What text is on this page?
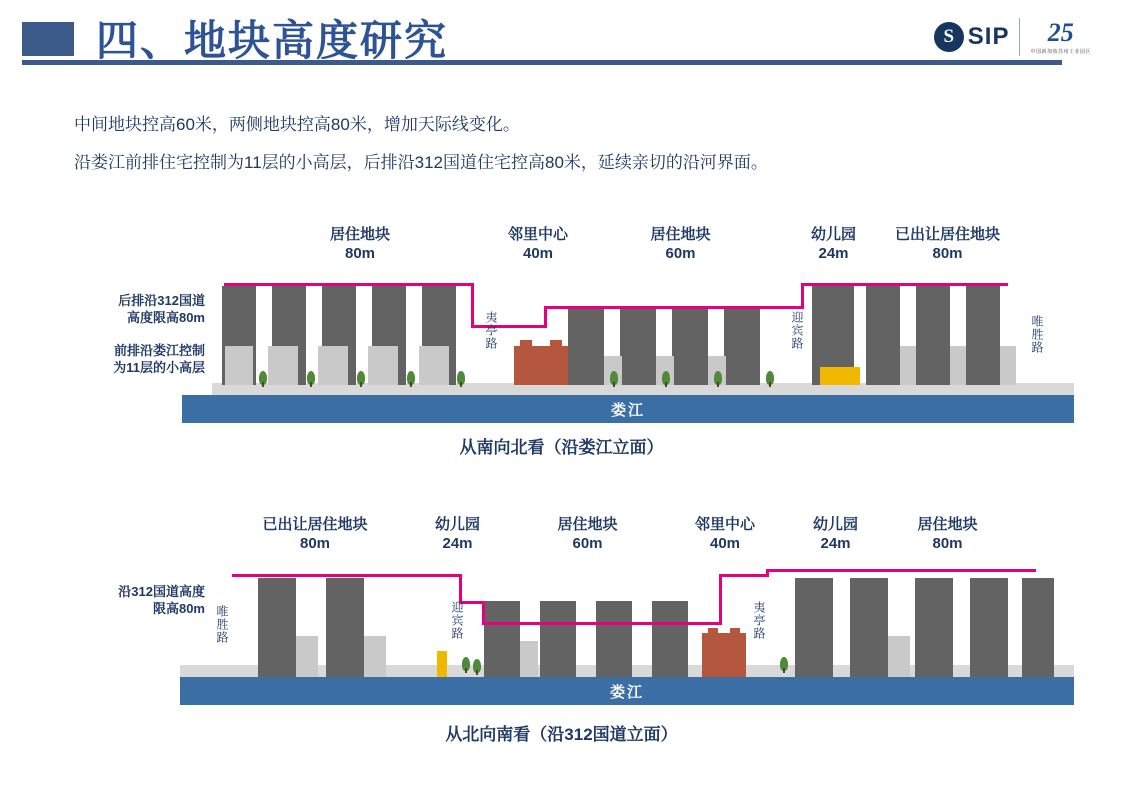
四、地块高度研究	S SIP	25
中国新加坡苏州工业园区
中间地块控高60米，两侧地块控高80米，增加天际线变化。
沿娄江前排住宅控制为11层的小高层，后排沿312国道住宅控高80米，延续亲切的沿河界面。
居住地块
80m
邻里中心
40m
居住地块
60m
幼儿园
24m
已出让居住地块
80m
后排沿312国道
高度限高80m
前排沿娄江控制
为11层的小高层
夷亭路	迎宾路	唯胜路
娄江
从南向北看（沿娄江立面）
已出让居住地块
80m
幼儿园
24m
居住地块
60m
邻里中心
40m
幼儿园
24m
居住地块
80m
沿312国道高度
限高80m 唯胜路	迎宾路	夷亭路
娄江
从北向南看（沿312国道立面）
